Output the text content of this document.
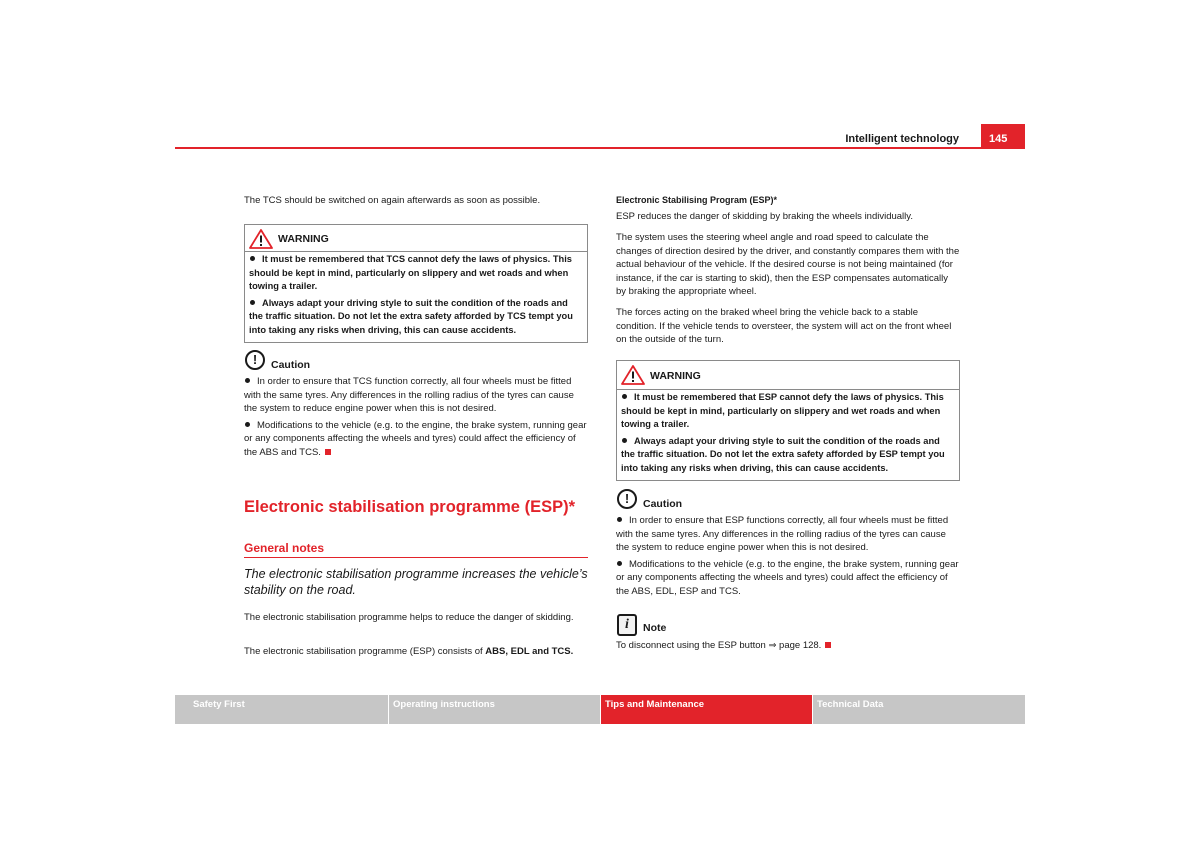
Intelligent technology	145

The TCS should be switched on again afterwards as soon as possible.

WARNING

It must be remembered that TCS cannot defy the laws of physics. This should be kept in mind, particularly on slippery and wet roads and when towing a trailer.

Always adapt your driving style to suit the condition of the roads and the traffic situation. Do not let the extra safety afforded by TCS tempt you into taking any risks when driving, this can cause accidents.

!	Caution

In order to ensure that TCS function correctly, all four wheels must be fitted with the same tyres. Any differences in the rolling radius of the tyres can cause the system to reduce engine power when this is not desired.

Modifications to the vehicle (e.g. to the engine, the brake system, running gear or any components affecting the wheels and tyres) could affect the efficiency of the ABS and TCS.

Electronic stabilisation programme (ESP)*
General notes

The electronic stabilisation programme increases the vehicle’s stability on the road.

The electronic stabilisation programme helps to reduce the danger of skidding.

The electronic stabilisation programme (ESP) consists of ABS, EDL and TCS.

Electronic Stabilising Program (ESP)*

ESP reduces the danger of skidding by braking the wheels individually.

The system uses the steering wheel angle and road speed to calculate the changes of direction desired by the driver, and constantly compares them with the actual behaviour of the vehicle. If the desired course is not being maintained (for instance, if the car is starting to skid), then the ESP compensates automatically by braking the appropriate wheel.

The forces acting on the braked wheel bring the vehicle back to a stable condition. If the vehicle tends to oversteer, the system will act on the front wheel on the outside of the turn.

WARNING

It must be remembered that ESP cannot defy the laws of physics. This should be kept in mind, particularly on slippery and wet roads and when towing a trailer.

Always adapt your driving style to suit the condition of the roads and the traffic situation. Do not let the extra safety afforded by ESP tempt you into taking any risks when driving, this can cause accidents.

!	Caution

In order to ensure that ESP functions correctly, all four wheels must be fitted with the same tyres. Any differences in the rolling radius of the tyres can cause the system to reduce engine power when this is not desired.

Modifications to the vehicle (e.g. to the engine, the brake system, running gear or any components affecting the wheels and tyres) could affect the efficiency of the ABS, EDL, ESP and TCS.

i	Note

To disconnect using the ESP button ⇒ page 128.

Safety First	Operating instructions	Tips and Maintenance	Technical Data
